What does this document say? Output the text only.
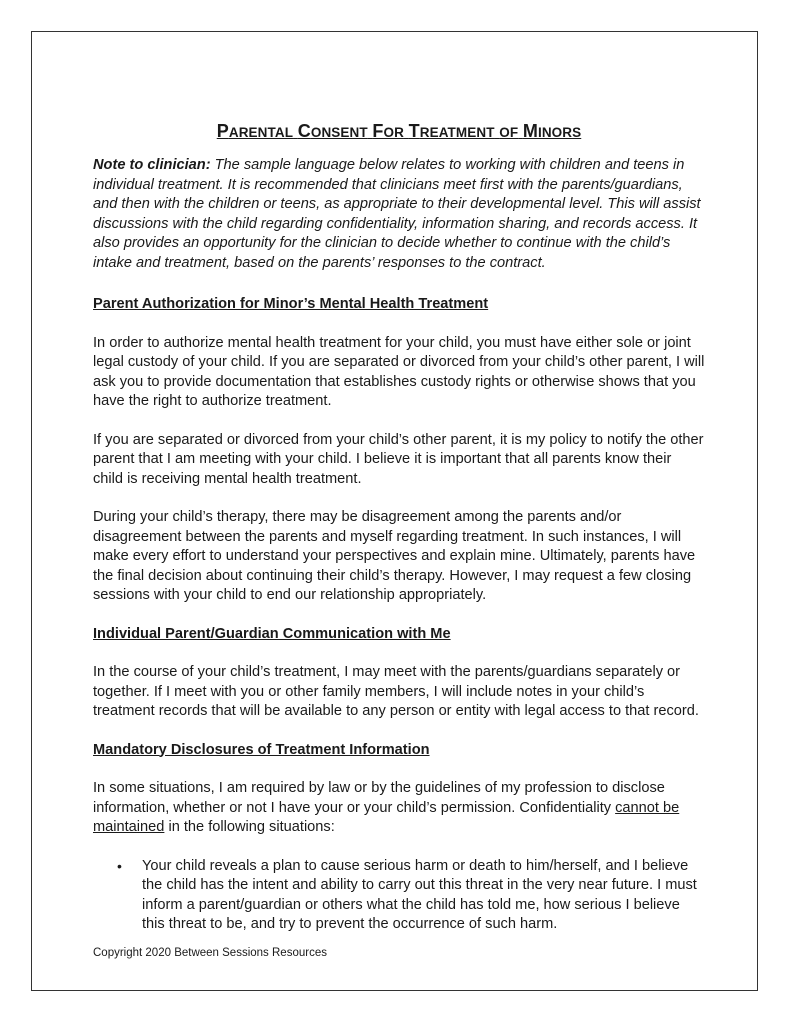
PARENTAL CONSENT FOR TREATMENT OF MINORS

Note to clinician: The sample language below relates to working with children and teens in individual treatment. It is recommended that clinicians meet first with the parents/guardians, and then with the children or teens, as appropriate to their developmental level. This will assist discussions with the child regarding confidentiality, information sharing, and records access. It also provides an opportunity for the clinician to decide whether to continue with the child’s intake and treatment, based on the parents’ responses to the contract.

Parent Authorization for Minor’s Mental Health Treatment

In order to authorize mental health treatment for your child, you must have either sole or joint legal custody of your child. If you are separated or divorced from your child’s other parent, I will ask you to provide documentation that establishes custody rights or otherwise shows that you have the right to authorize treatment.

If you are separated or divorced from your child’s other parent, it is my policy to notify the other parent that I am meeting with your child. I believe it is important that all parents know their child is receiving mental health treatment.

During your child’s therapy, there may be disagreement among the parents and/or disagreement between the parents and myself regarding treatment. In such instances, I will make every effort to understand your perspectives and explain mine. Ultimately, parents have the final decision about continuing their child’s therapy. However, I may request a few closing sessions with your child to end our relationship appropriately.

Individual Parent/Guardian Communication with Me

In the course of your child’s treatment, I may meet with the parents/guardians separately or together. If I meet with you or other family members, I will include notes in your child’s treatment records that will be available to any person or entity with legal access to that record.

Mandatory Disclosures of Treatment Information

In some situations, I am required by law or by the guidelines of my profession to disclose information, whether or not I have your or your child’s permission. Confidentiality cannot be maintained in the following situations:

• Your child reveals a plan to cause serious harm or death to him/herself, and I believe the child has the intent and ability to carry out this threat in the very near future. I must inform a parent/guardian or others what the child has told me, how serious I believe this threat to be, and try to prevent the occurrence of such harm.
Copyright 2020 Between Sessions Resources
